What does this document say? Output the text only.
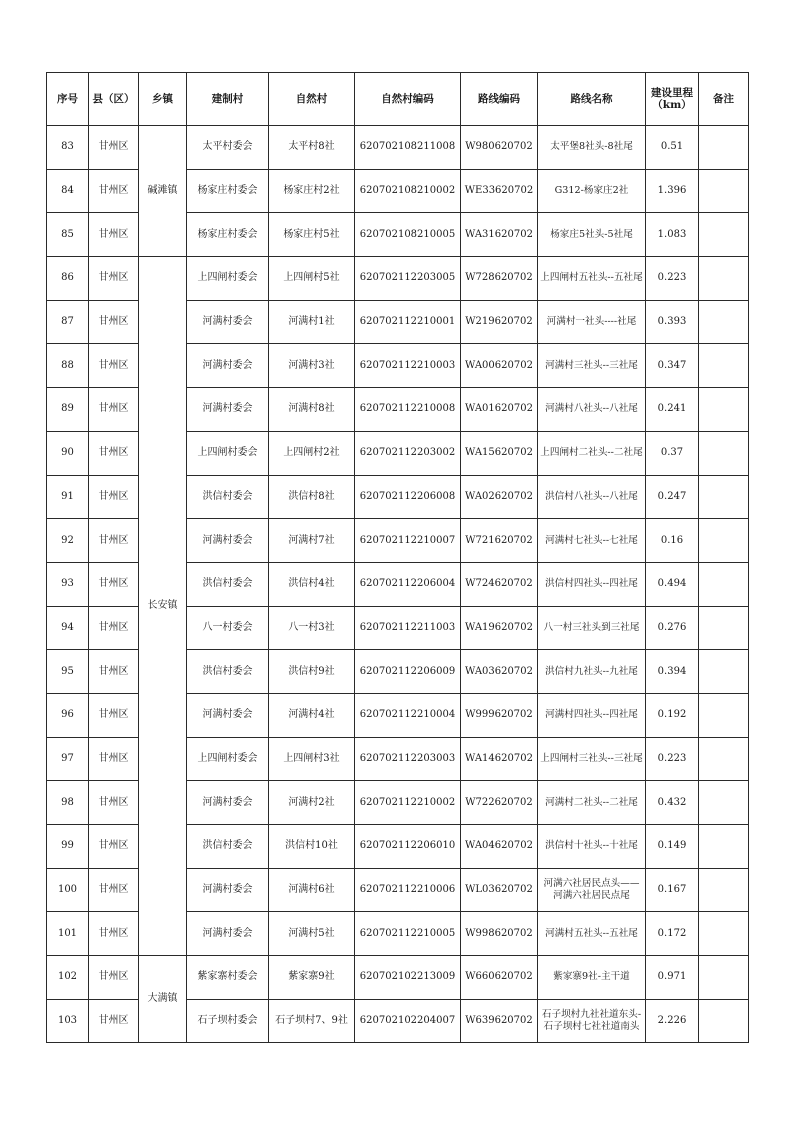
序号	县（区）	乡镇	建制村	自然村	自然村编码	路线编码	路线名称	建设里程（km）	备注
83	甘州区	碱滩镇	太平村委会	太平村8社	620702108211008	W980620702	太平堡8社头-8社尾	0.51	
84	甘州区		杨家庄村委会	杨家庄村2社	620702108210002	WE33620702	G312-杨家庄2社	1.396	
85	甘州区		杨家庄村委会	杨家庄村5社	620702108210005	WA31620702	杨家庄5社头-5社尾	1.083	
86	甘州区	长安镇	上四闸村委会	上四闸村5社	620702112203005	W728620702	上四闸村五社头--五社尾	0.223	
87	甘州区		河满村委会	河满村1社	620702112210001	W219620702	河满村一社头----社尾	0.393	
88	甘州区		河满村委会	河满村3社	620702112210003	WA00620702	河满村三社头--三社尾	0.347	
89	甘州区		河满村委会	河满村8社	620702112210008	WA01620702	河满村八社头--八社尾	0.241	
90	甘州区		上四闸村委会	上四闸村2社	620702112203002	WA15620702	上四闸村二社头--二社尾	0.37	
91	甘州区		洪信村委会	洪信村8社	620702112206008	WA02620702	洪信村八社头--八社尾	0.247	
92	甘州区		河满村委会	河满村7社	620702112210007	W721620702	河满村七社头--七社尾	0.16	
93	甘州区		洪信村委会	洪信村4社	620702112206004	W724620702	洪信村四社头--四社尾	0.494	
94	甘州区		八一村委会	八一村3社	620702112211003	WA19620702	八一村三社头到三社尾	0.276	
95	甘州区		洪信村委会	洪信村9社	620702112206009	WA03620702	洪信村九社头--九社尾	0.394	
96	甘州区		河满村委会	河满村4社	620702112210004	W999620702	河满村四社头--四社尾	0.192	
97	甘州区		上四闸村委会	上四闸村3社	620702112203003	WA14620702	上四闸村三社头--三社尾	0.223	
98	甘州区		河满村委会	河满村2社	620702112210002	W722620702	河满村二社头--二社尾	0.432	
99	甘州区		洪信村委会	洪信村10社	620702112206010	WA04620702	洪信村十社头--十社尾	0.149	
100	甘州区		河满村委会	河满村6社	620702112210006	WL03620702	河满六社居民点头——河满六社居民点尾	0.167	
101	甘州区		河满村委会	河满村5社	620702112210005	W998620702	河满村五社头--五社尾	0.172	
102	甘州区	大满镇	紫家寨村委会	紫家寨9社	620702102213009	W660620702	紫家寨9社-主干道	0.971	
103	甘州区		石子坝村委会	石子坝村7、9社	620702102204007	W639620702	石子坝村九社社道东头-石子坝村七社社道南头	2.226	
